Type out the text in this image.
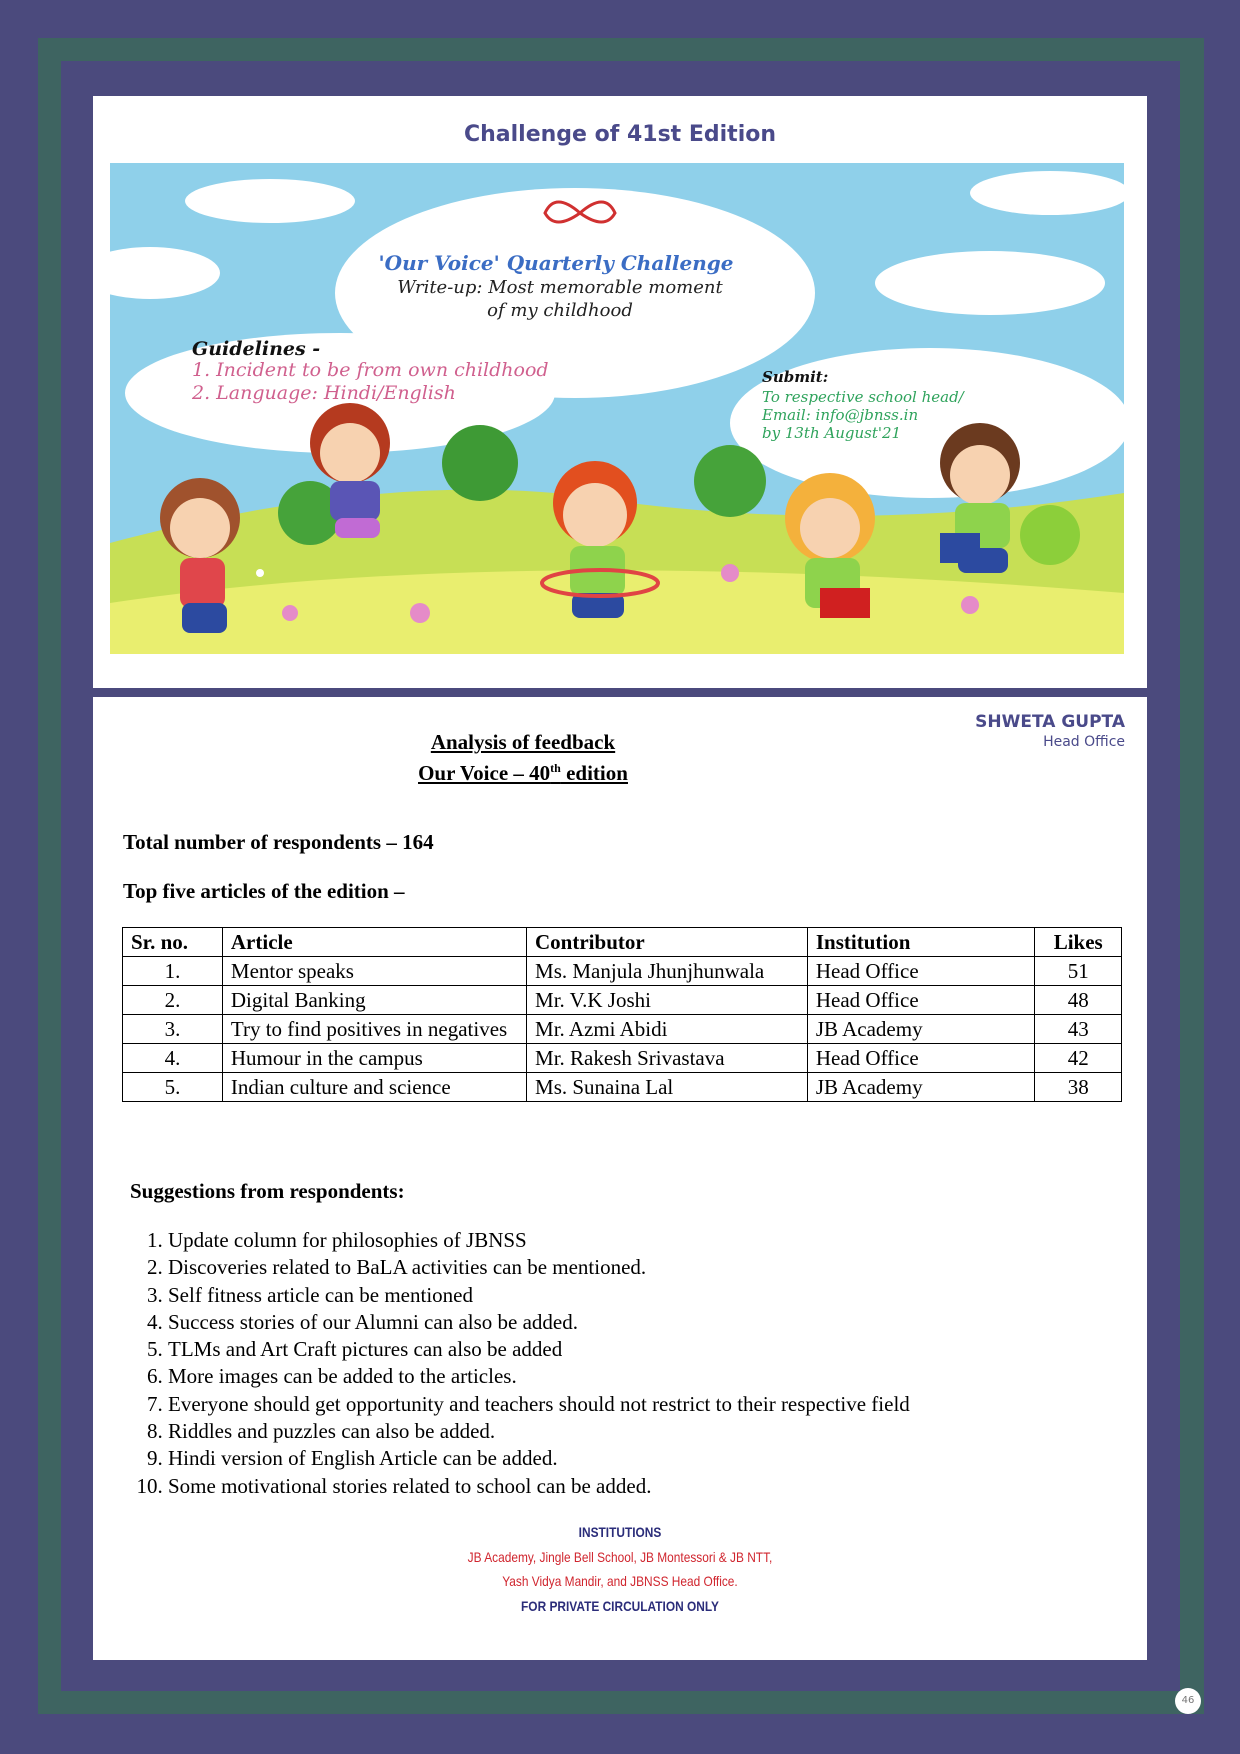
Challenge of 41st Edition
'Our Voice' Quarterly Challenge
Write-up: Most memorable moment
of my childhood
Guidelines -
1. Incident to be from own childhood
2. Language: Hindi/English
Submit:
To respective school head/
Email: info@jbnss.in
by 13th August'21
SHWETA GUPTA
Head Office
Analysis of feedback
Our Voice – 40th edition
Total number of respondents – 164
Top five articles of the edition –
Sr. no.	Article	Contributor	Institution	Likes
1.	Mentor speaks	Ms. Manjula Jhunjhunwala	Head Office	51
2.	Digital Banking	Mr. V.K Joshi	Head Office	48
3.	Try to find positives in negatives	Mr. Azmi Abidi	JB Academy	43
4.	Humour in the campus	Mr. Rakesh Srivastava	Head Office	42
5.	Indian culture and science	Ms. Sunaina Lal	JB Academy	38
Suggestions from respondents:
1. Update column for philosophies of JBNSS
2. Discoveries related to BaLA activities can be mentioned.
3. Self fitness article can be mentioned
4. Success stories of our Alumni can also be added.
5. TLMs and Art Craft pictures can also be added
6. More images can be added to the articles.
7. Everyone should get opportunity and teachers should not restrict to their respective field
8. Riddles and puzzles can also be added.
9. Hindi version of English Article can be added.
10. Some motivational stories related to school can be added.
INSTITUTIONS
JB Academy, Jingle Bell School, JB Montessori & JB NTT,
Yash Vidya Mandir, and JBNSS Head Office.
FOR PRIVATE CIRCULATION ONLY
46
